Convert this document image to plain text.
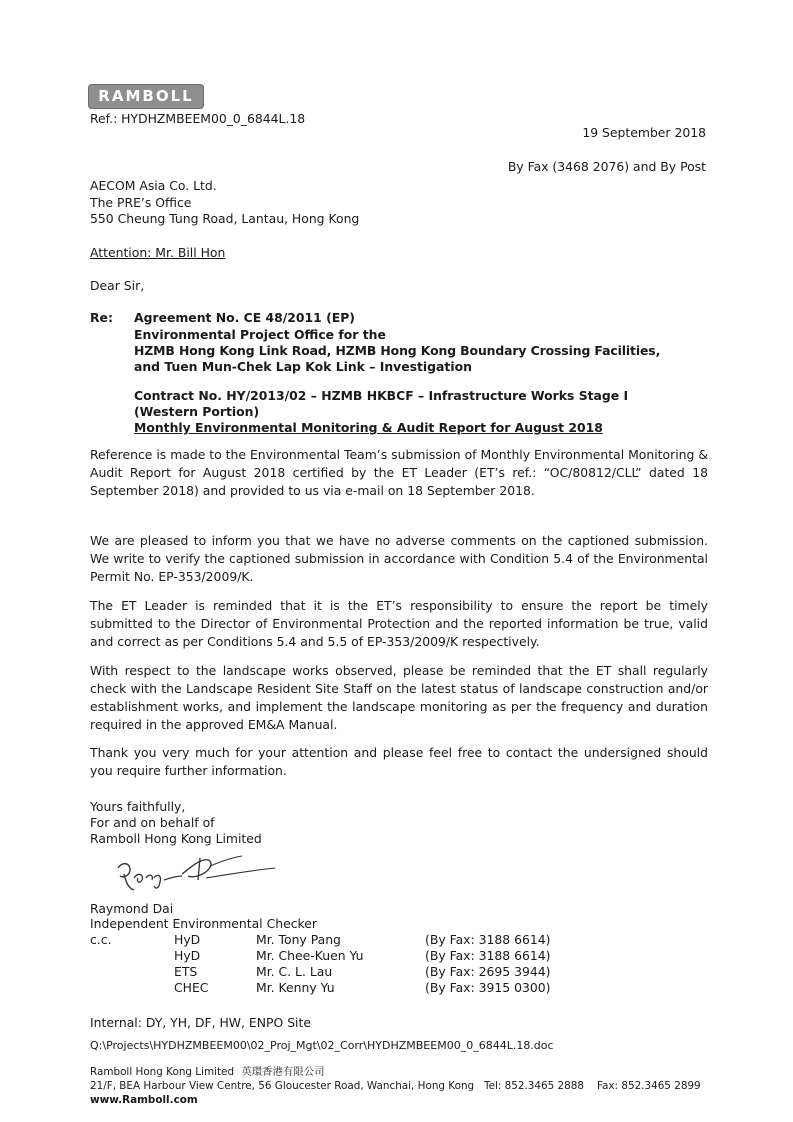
RAMBOLL
Ref.: HYDHZMBEEM00_0_6844L.18
19 September 2018
By Fax (3468 2076) and By Post
AECOM Asia Co. Ltd.
The PRE’s Office
550 Cheung Tung Road, Lantau, Hong Kong
Attention: Mr. Bill Hon
Dear Sir,
Re: Agreement No. CE 48/2011 (EP)
Environmental Project Office for the
HZMB Hong Kong Link Road, HZMB Hong Kong Boundary Crossing Facilities,
and Tuen Mun-Chek Lap Kok Link – Investigation
Contract No. HY/2013/02 – HZMB HKBCF – Infrastructure Works Stage I
(Western Portion)
Monthly Environmental Monitoring & Audit Report for August 2018
Reference is made to the Environmental Team’s submission of Monthly Environmental Monitoring & Audit Report for August 2018 certified by the ET Leader (ET’s ref.: “OC/80812/CLL” dated 18 September 2018) and provided to us via e-mail on 18 September 2018.
We are pleased to inform you that we have no adverse comments on the captioned submission. We write to verify the captioned submission in accordance with Condition 5.4 of the Environmental Permit No. EP-353/2009/K.
The ET Leader is reminded that it is the ET’s responsibility to ensure the report be timely submitted to the Director of Environmental Protection and the reported information be true, valid and correct as per Conditions 5.4 and 5.5 of EP-353/2009/K respectively.
With respect to the landscape works observed, please be reminded that the ET shall regularly check with the Landscape Resident Site Staff on the latest status of landscape construction and/or establishment works, and implement the landscape monitoring as per the frequency and duration required in the approved EM&A Manual.
Thank you very much for your attention and please feel free to contact the undersigned should you require further information.
Yours faithfully,
For and on behalf of
Ramboll Hong Kong Limited
Raymond Dai
Independent Environmental Checker
c.c.	HyD	Mr. Tony Pang	(By Fax: 3188 6614)
HyD	Mr. Chee-Kuen Yu	(By Fax: 3188 6614)
ETS	Mr. C. L. Lau	(By Fax: 2695 3944)
CHEC	Mr. Kenny Yu	(By Fax: 3915 0300)
Internal: DY, YH, DF, HW, ENPO Site
Q:\Projects\HYDHZMBEEM00\02_Proj_Mgt\02_Corr\HYDHZMBEEM00_0_6844L.18.doc
Ramboll Hong Kong Limited 英環香港有限公司
21/F, BEA Harbour View Centre, 56 Gloucester Road, Wanchai, Hong Kong Tel: 852.3465 2888 Fax: 852.3465 2899
www.Ramboll.com
